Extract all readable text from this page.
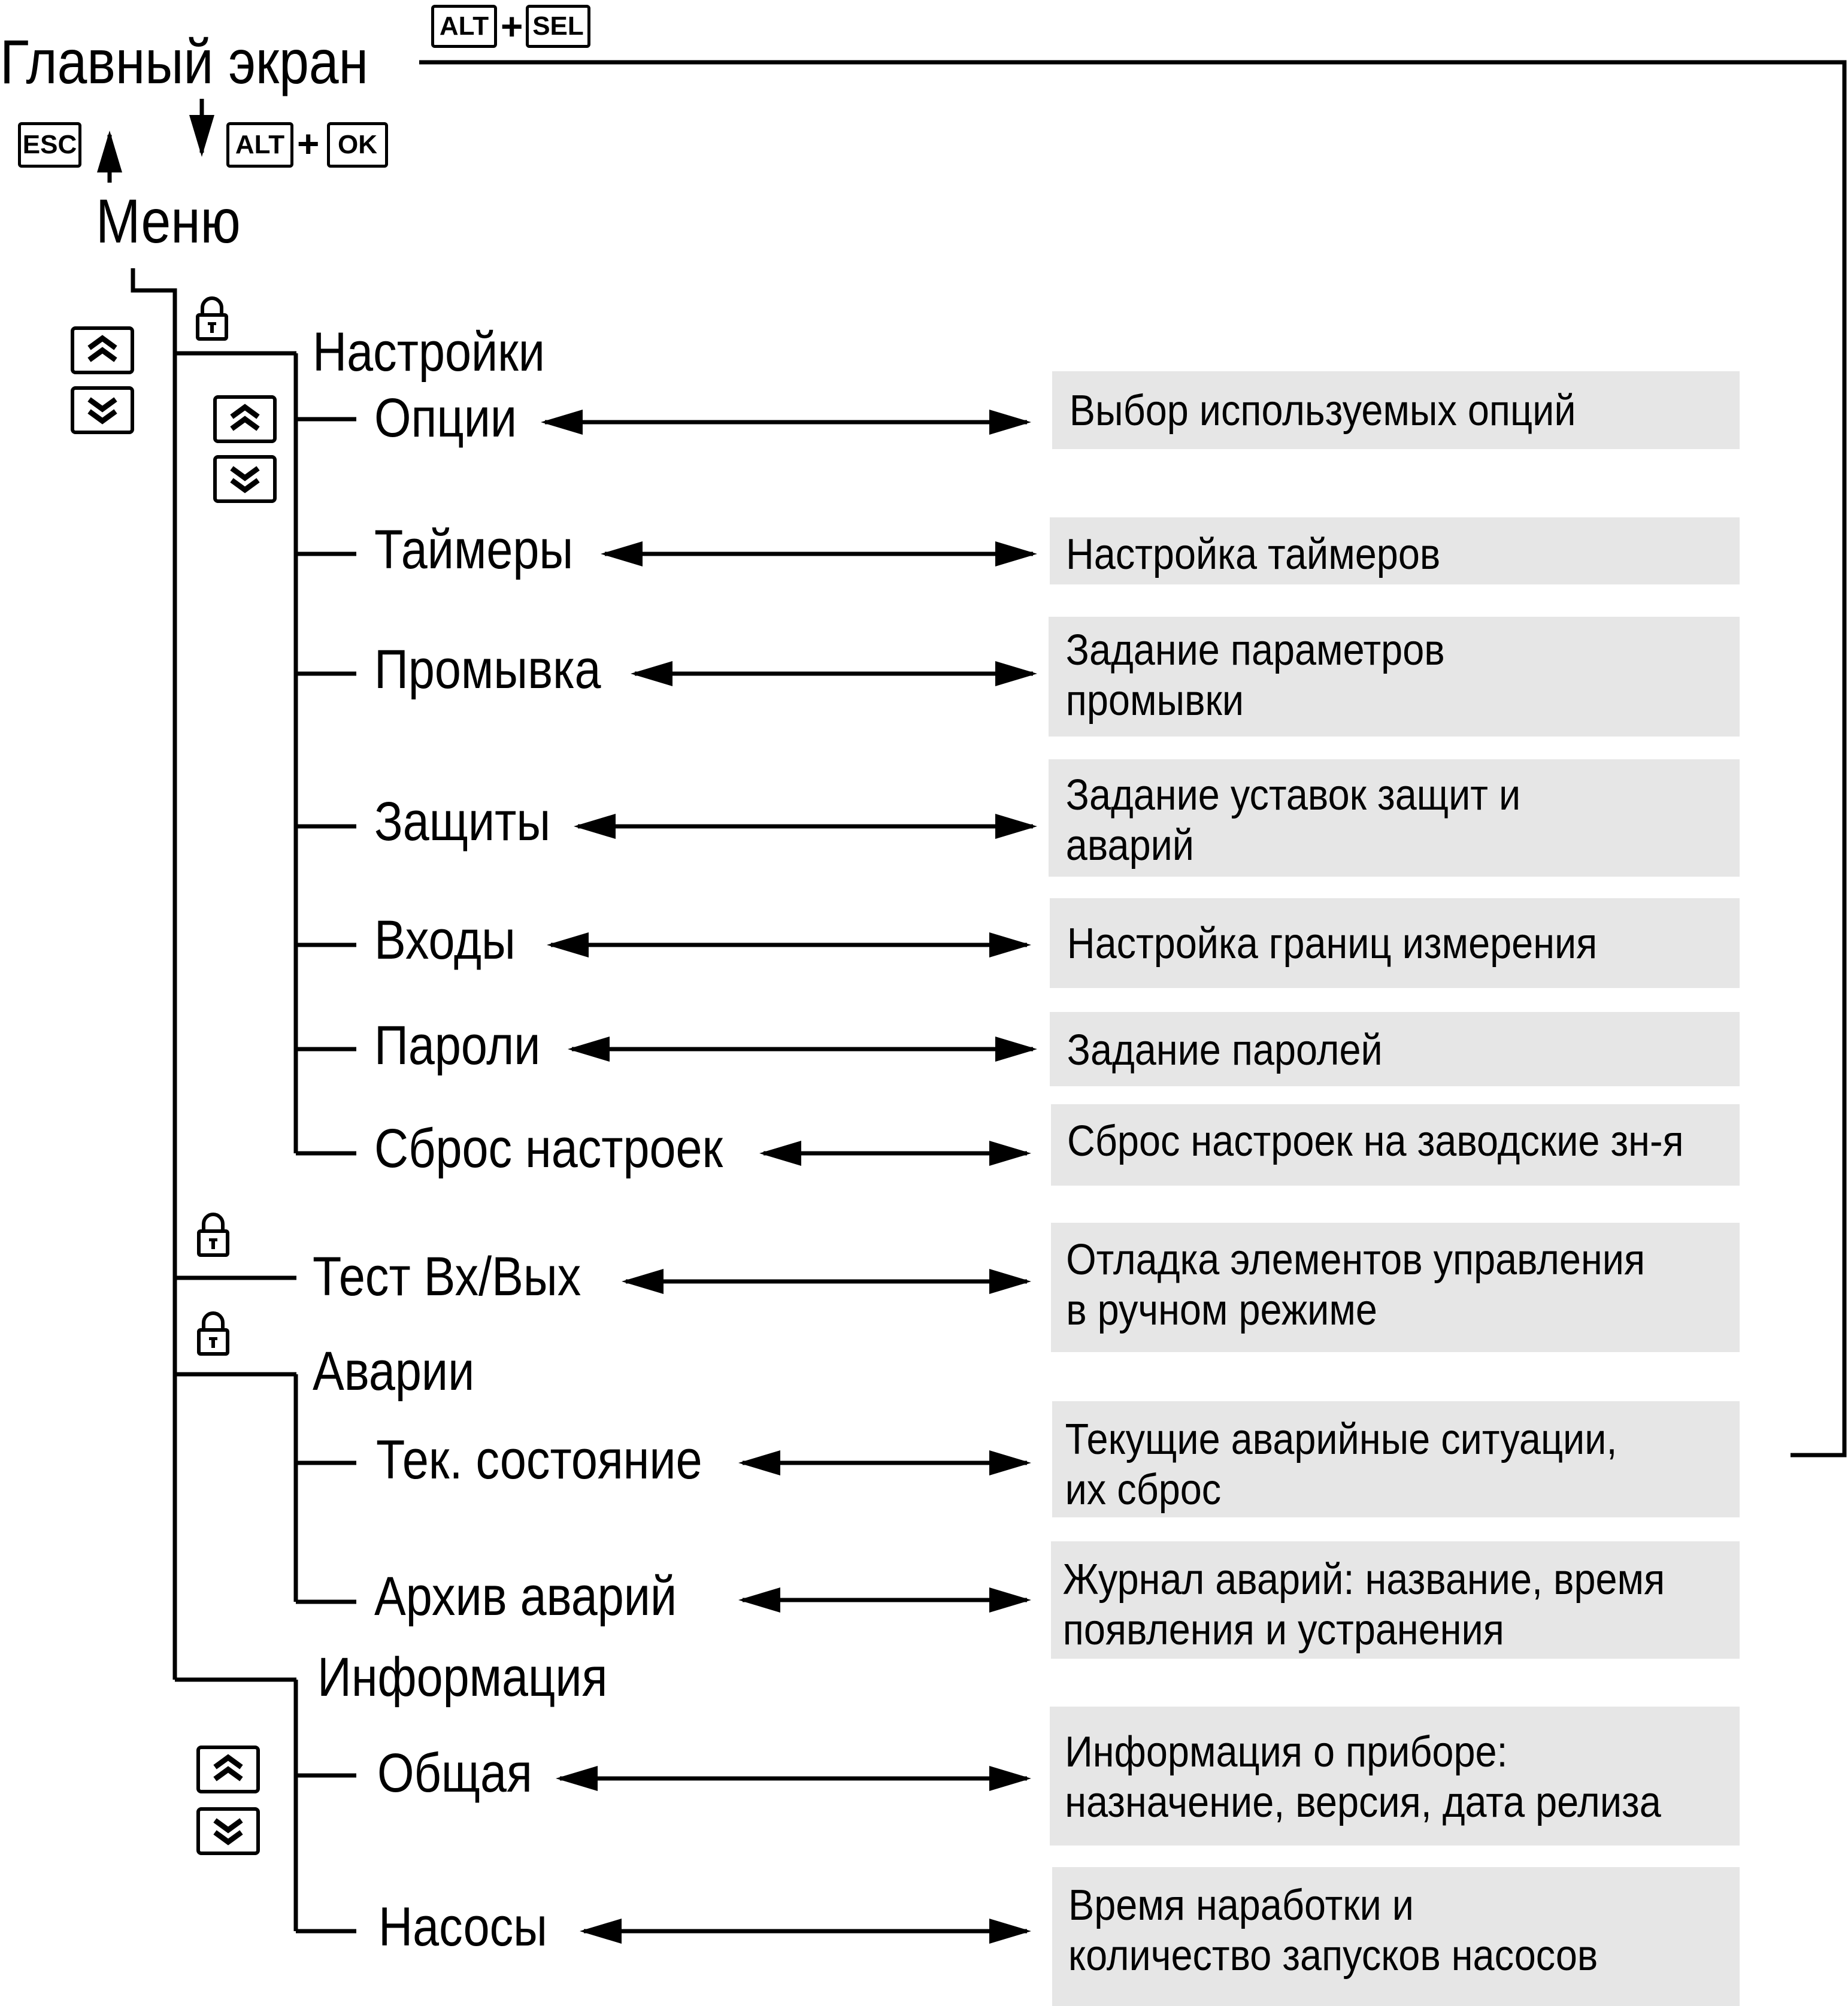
Главный экран
Меню
ALT + SEL
ESC	ALT + OK
Настройки
Тест Вх/Вых
Аварии
Информация
Опции
Таймеры
Промывка
Защиты
Входы
Пароли
Сброс настроек
Тек. состояние
Архив аварий
Общая
Насосы
Выбор используемых опций
Настройка таймеров
Задание параметров
промывки
Задание уставок защит и
аварий
Настройка границ измерения
Задание паролей
Сброс настроек на заводские зн-я
Отладка элементов управления
в ручном режиме
Текущие аварийные ситуации,
их сброс
Журнал аварий: название, время
появления и устранения
Информация о приборе:
назначение, версия, дата релиза
Время наработки и
количество запусков насосов
